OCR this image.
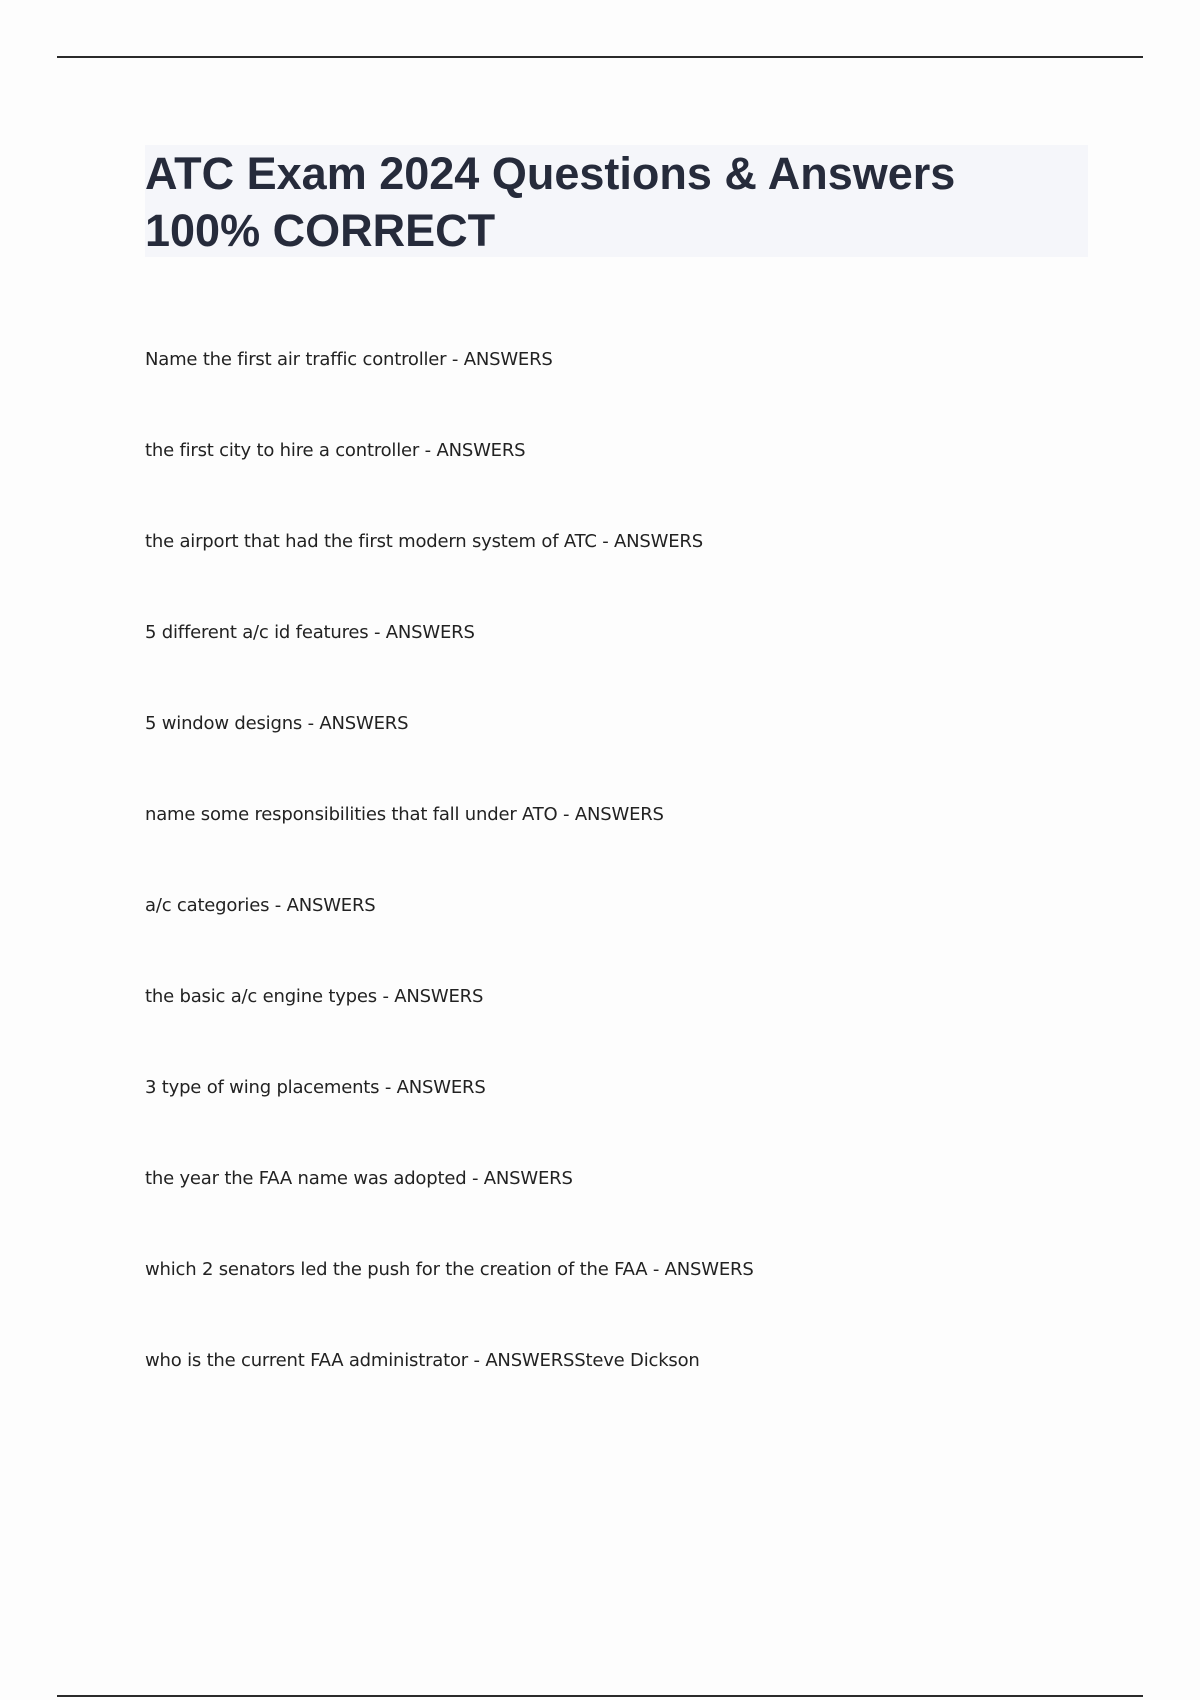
ATC Exam 2024 Questions & Answers 100% CORRECT
Name the first air traffic controller - ANSWERS
the first city to hire a controller - ANSWERS
the airport that had the first modern system of ATC - ANSWERS
5 different a/c id features - ANSWERS
5 window designs - ANSWERS
name some responsibilities that fall under ATO - ANSWERS
a/c categories - ANSWERS
the basic a/c engine types - ANSWERS
3 type of wing placements - ANSWERS
the year the FAA name was adopted - ANSWERS
which 2 senators led the push for the creation of the FAA - ANSWERS
who is the current FAA administrator - ANSWERSSteve Dickson
